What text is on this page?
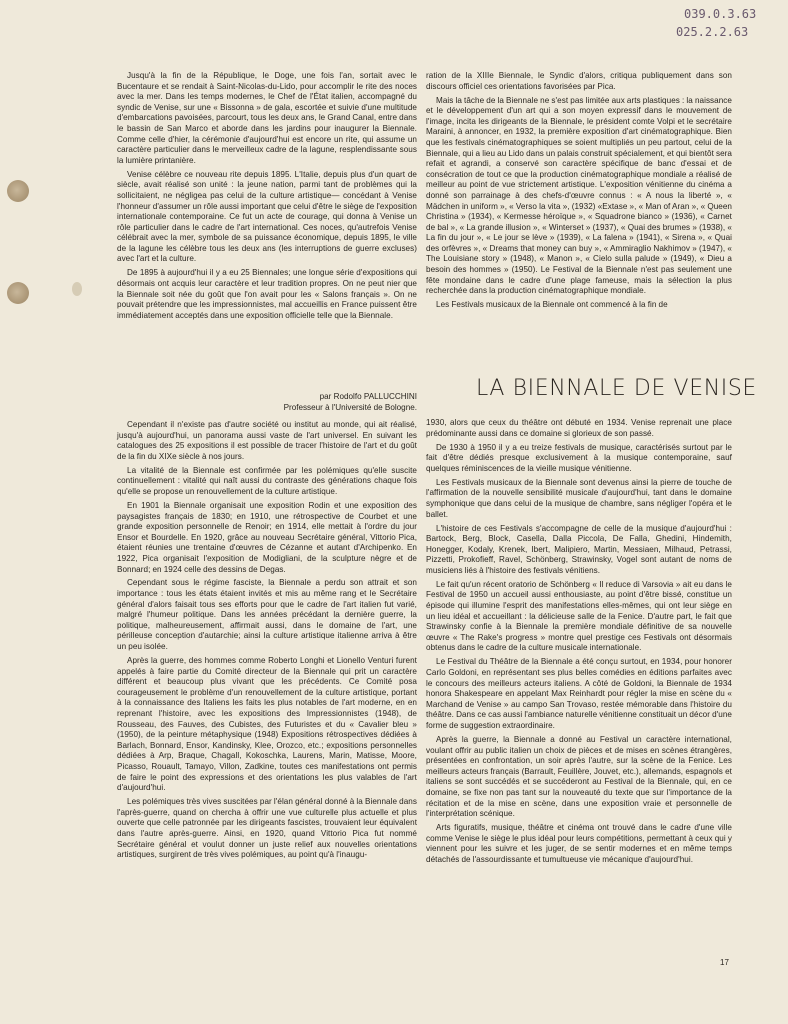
039.0.3.63
025.2.2.63

Jusqu'à la fin de la République, le Doge, une fois l'an, sortait avec le Bucentaure et se rendait à Saint-Nicolas-du-Lido, pour accomplir le rite des noces avec la mer. Dans les temps modernes, le Chef de l'État italien, accompagné du syndic de Venise, sur une « Bissonna » de gala, escortée et suivie d'une multitude d'embarcations pavoisées, parcourt, tous les deux ans, le Grand Canal, entre dans le bassin de San Marco et aborde dans les jardins pour inaugurer la Biennale. Comme celle d'hier, la cérémonie d'aujourd'hui est encore un rite, qui assume un caractère particulier dans le merveilleux cadre de la lagune, resplendissante sous la lumière printanière.

Venise célèbre ce nouveau rite depuis 1895. L'Italie, depuis plus d'un quart de siècle, avait réalisé son unité : la jeune nation, parmi tant de problèmes qui la sollicitaient, ne négligea pas celui de la culture artistique— concédant à Venise l'honneur d'assumer un rôle aussi important que celui d'être le siège de l'exposition internationale contemporaine. Ce fut un acte de courage, qui donna à Venise un rôle particulier dans le cadre de l'art international. Ces noces, qu'autrefois Venise célébrait avec la mer, symbole de sa puissance économique, depuis 1895, le ville de la lagune les célèbre tous les deux ans (les interruptions de guerre excluses) avec l'art et la culture.

De 1895 à aujourd'hui il y a eu 25 Biennales; une longue série d'expositions qui désormais ont acquis leur caractère et leur tradition propres. On ne peut nier que la Biennale soit née du goût que l'on avait pour les « Salons français ». On ne pouvait prétendre que les impressionnistes, mal accueillis en France puissent être immédiatement acceptés dans une exposition officielle telle que la Biennale.

par Rodolfo PALLUCCHINI
Professeur à l'Université de Bologne.

Cependant il n'existe pas d'autre société ou institut au monde, qui ait réalisé, jusqu'à aujourd'hui, un panorama aussi vaste de l'art universel. En suivant les catalogues des 25 expositions il est possible de tracer l'histoire de l'art et du goût de la fin du XIXe siècle à nos jours.

La vitalité de la Biennale est confirmée par les polémiques qu'elle suscite continuellement : vitalité qui naît aussi du contraste des générations chaque fois qu'elle se propose un renouvellement de la culture artistique.

En 1901 la Biennale organisait une exposition Rodin et une exposition des paysagistes français de 1830; en 1910, une rétrospective de Courbet et une grande exposition personnelle de Renoir; en 1914, elle mettait à l'ordre du jour Ensor et Bourdelle. En 1920, grâce au nouveau Secrétaire général, Vittorio Pica, étaient réunies une trentaine d'œuvres de Cézanne et autant d'Archipenko. En 1922, Pica organisait l'exposition de Modigliani, de la sculpture nègre et de Bonnard; en 1924 celle des dessins de Degas.

Cependant sous le régime fasciste, la Biennale a perdu son attrait et son importance : tous les états étaient invités et mis au même rang et le Secrétaire général d'alors faisait tous ses efforts pour que le cadre de l'art italien fut varié, malgré l'humeur politique. Dans les années précédant la dernière guerre, la politique, malheureusement, affirmait aussi, dans le domaine de l'art, une périlleuse conception d'autarchie; ainsi la culture artistique italienne arriva à être un peu isolée.

Après la guerre, des hommes comme Roberto Longhi et Lionello Venturi furent appelés à faire partie du Comité directeur de la Biennale qui prit un caractère différent et beaucoup plus vivant que les précédents. Ce Comité posa courageusement le problème d'un renouvellement de la culture artistique, portant à la connaissance des Italiens les faits les plus notables de l'art moderne, en en reprenant l'histoire, avec les expositions des Impressionnistes (1948), de Rousseau, des Fauves, des Cubistes, des Futuristes et du « Cavalier bleu » (1950), de la peinture métaphysique (1948) Expositions rétrospectives dédiées à Barlach, Bonnard, Ensor, Kandinsky, Klee, Orozco, etc.; expositions personnelles dédiées à Arp, Braque, Chagall, Kokoschka, Laurens, Marin, Matisse, Moore, Picasso, Rouault, Tamayo, Villon, Zadkine, toutes ces manifestations ont permis de faire le point des expressions et des orientations les plus valables de l'art d'aujourd'hui.

Les polémiques très vives suscitées par l'élan général donné à la Biennale dans l'après-guerre, quand on chercha à offrir une vue culturelle plus actuelle et plus ouverte que celle patronnée par les dirigeants fascistes, trouvaient leur équivalent dans l'autre après-guerre. Ainsi, en 1920, quand Vittorio Pica fut nommé Secrétaire général et voulut donner un juste relief aux nouvelles orientations artistiques, surgirent de très vives polémiques, au point qu'à l'inaugu-

ration de la XIIIe Biennale, le Syndic d'alors, critiqua publiquement dans son discours officiel ces orientations favorisées par Pica.

Mais la tâche de la Biennale ne s'est pas limitée aux arts plastiques : la naissance et le développement d'un art qui a son moyen expressif dans le mouvement de l'image, incita les dirigeants de la Biennale, le président comte Volpi et le secrétaire Maraini, à annoncer, en 1932, la première exposition d'art cinématographique. Bien que les festivals cinématographiques se soient multipliés un peu partout, celui de la Biennale, qui a lieu au Lido dans un palais construit spécialement, et qui bientôt sera refait et agrandi, a conservé son caractère spécifique de banc d'essai et de consécration de tout ce que la production cinématographique mondiale a réalisé de meilleur au point de vue strictement artistique. L'exposition vénitienne du cinéma a donné son parrainage à des chefs-d'œuvre connus : « A nous la liberté », « Mädchen in uniform », « Verso la vita », (1932) «Extase », « Man of Aran », « Queen Christina » (1934), « Kermesse héroïque », « Squadrone bianco » (1936), « Carnet de bal », « La grande illusion », « Winterset » (1937), « Quai des brumes » (1938), « La fin du jour », « Le jour se lève » (1939), « La falena » (1941), « Sirena », « Quai des orfèvres », « Dreams that money can buy », « Ammiraglio Nakhimov » (1947), « The Louisiane story » (1948), « Manon », « Cielo sulla palude » (1949), « Dieu a besoin des hommes » (1950). Le Festival de la Biennale n'est pas seulement une fête mondaine dans le cadre d'une plage fameuse, mais la sélection la plus recherchée dans la production cinématographique mondiale.

Les Festivals musicaux de la Biennale ont commencé à la fin de

LA BIENNALE DE VENISE

1930, alors que ceux du théâtre ont débuté en 1934. Venise reprenait une place prédominante aussi dans ce domaine si glorieux de son passé.

De 1930 à 1950 il y a eu treize festivals de musique, caractérisés surtout par le fait d'être dédiés presque exclusivement à la musique contemporaine, sauf quelques réminiscences de la vieille musique vénitienne.

Les Festivals musicaux de la Biennale sont devenus ainsi la pierre de touche de l'affirmation de la nouvelle sensibilité musicale d'aujourd'hui, tant dans le domaine symphonique que dans celui de la musique de chambre, sans négliger l'opéra et le ballet.

L'histoire de ces Festivals s'accompagne de celle de la musique d'aujourd'hui : Bartock, Berg, Block, Casella, Dalla Piccola, De Falla, Ghedini, Hindemith, Honegger, Kodaly, Krenek, Ibert, Malipiero, Martin, Messiaen, Milhaud, Petrassi, Pizzetti, Prokofieff, Ravel, Schönberg, Strawinsky, Vogel sont autant de noms de musiciens liés à l'histoire des festivals vénitiens.

Le fait qu'un récent oratorio de Schönberg « Il reduce di Varsovia » ait eu dans le Festival de 1950 un accueil aussi enthousiaste, au point d'être bissé, constitue un épisode qui illumine l'esprit des manifestations elles-mêmes, qui ont leur siège en un lieu idéal et accueillant : la délicieuse salle de la Fenice. D'autre part, le fait que Strawinsky confie à la Biennale la première mondiale définitive de sa nouvelle œuvre « The Rake's progress » montre quel prestige ces Festivals ont désormais obtenus dans le cadre de la culture musicale internationale.

Le Festival du Théâtre de la Biennale a été conçu surtout, en 1934, pour honorer Carlo Goldoni, en représentant ses plus belles comédies en éditions parfaites avec le concours des meilleurs acteurs italiens. A côté de Goldoni, la Biennale de 1934 honora Shakespeare en appelant Max Reinhardt pour régler la mise en scène du « Marchand de Venise » au campo San Trovaso, restée mémorable dans l'histoire du théâtre. Dans ce cas aussi l'ambiance naturelle vénitienne constituait un décor d'une forme de suggestion extraordinaire.

Après la guerre, la Biennale a donné au Festival un caractère international, voulant offrir au public italien un choix de pièces et de mises en scènes étrangères, présentées en confrontation, un soir après l'autre, sur la scène de la Fenice. Les meilleurs acteurs français (Barrault, Feuillère, Jouvet, etc.), allemands, espagnols et italiens se sont succédés et se succéderont au Festival de la Biennale, qui, en ce domaine, se fixe non pas tant sur la nouveauté du texte que sur l'importance de la récitation et de la mise en scène, dans une exposition vraie et personnelle de l'interprétation scénique.

Arts figuratifs, musique, théâtre et cinéma ont trouvé dans le cadre d'une ville comme Venise le siège le plus idéal pour leurs compétitions, permettant à ceux qui y viennent pour les suivre et les juger, de se sentir modernes et en même temps détachés de l'assourdissante et tumultueuse vie mécanique d'aujourd'hui.

17
